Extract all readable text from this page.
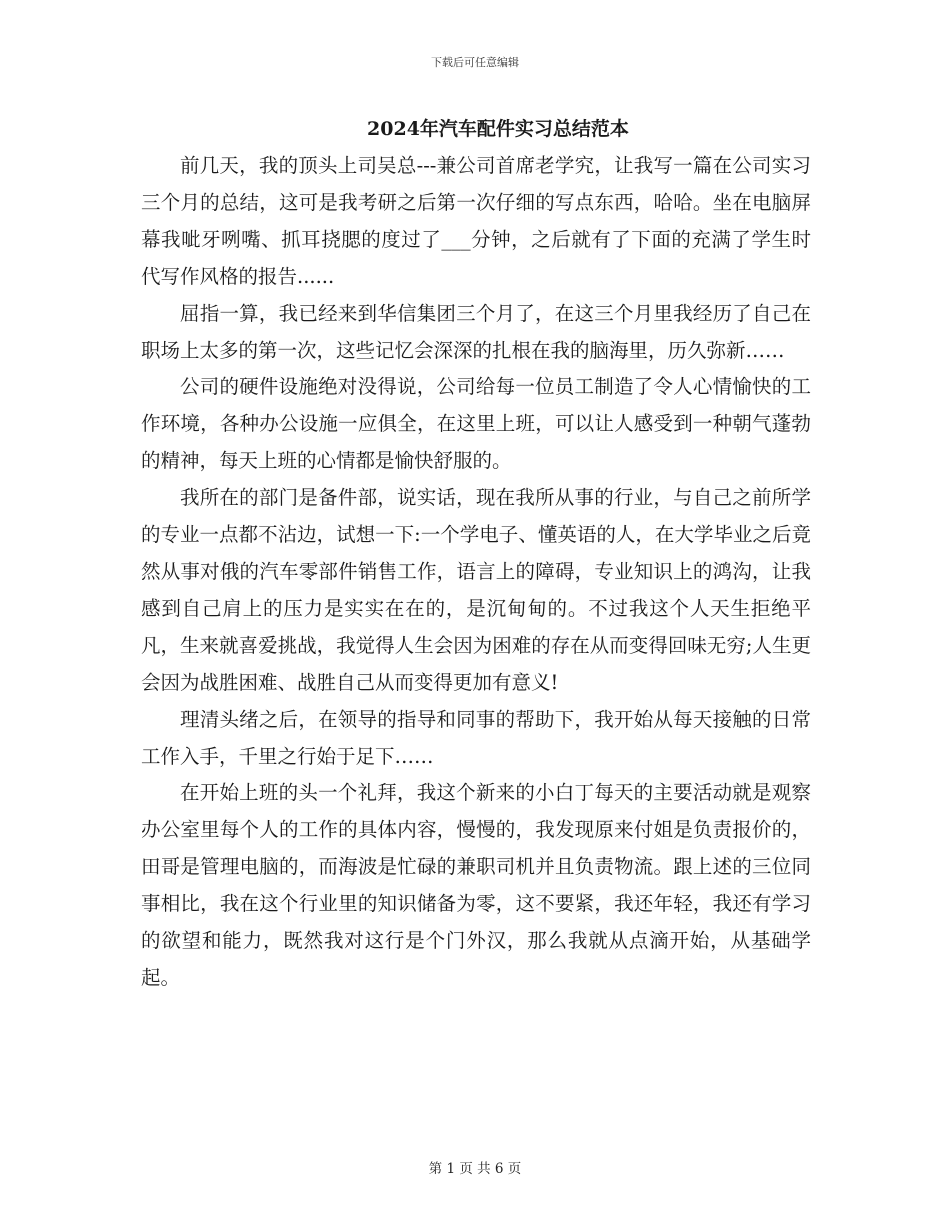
下载后可任意编辑
2024年汽车配件实习总结范本

前几天，我的顶头上司吴总---兼公司首席老学究，让我写一篇在公司实习三个月的总结，这可是我考研之后第一次仔细的写点东西，哈哈。坐在电脑屏幕我呲牙咧嘴、抓耳挠腮的度过了___分钟，之后就有了下面的充满了学生时代写作风格的报告......

屈指一算，我已经来到华信集团三个月了，在这三个月里我经历了自己在职场上太多的第一次，这些记忆会深深的扎根在我的脑海里，历久弥新……

公司的硬件设施绝对没得说，公司给每一位员工制造了令人心情愉快的工作环境，各种办公设施一应俱全，在这里上班，可以让人感受到一种朝气蓬勃的精神，每天上班的心情都是愉快舒服的。

我所在的部门是备件部，说实话，现在我所从事的行业，与自己之前所学的专业一点都不沾边，试想一下:一个学电子、懂英语的人，在大学毕业之后竟然从事对俄的汽车零部件销售工作，语言上的障碍，专业知识上的鸿沟，让我感到自己肩上的压力是实实在在的，是沉甸甸的。不过我这个人天生拒绝平凡，生来就喜爱挑战，我觉得人生会因为困难的存在从而变得回味无穷;人生更会因为战胜困难、战胜自己从而变得更加有意义!

理清头绪之后，在领导的指导和同事的帮助下，我开始从每天接触的日常工作入手，千里之行始于足下……

在开始上班的头一个礼拜，我这个新来的小白丁每天的主要活动就是观察办公室里每个人的工作的具体内容，慢慢的，我发现原来付姐是负责报价的，田哥是管理电脑的，而海波是忙碌的兼职司机并且负责物流。跟上述的三位同事相比，我在这个行业里的知识储备为零，这不要紧，我还年轻，我还有学习的欲望和能力，既然我对这行是个门外汉，那么我就从点滴开始，从基础学起。

第 1 页 共 6 页
